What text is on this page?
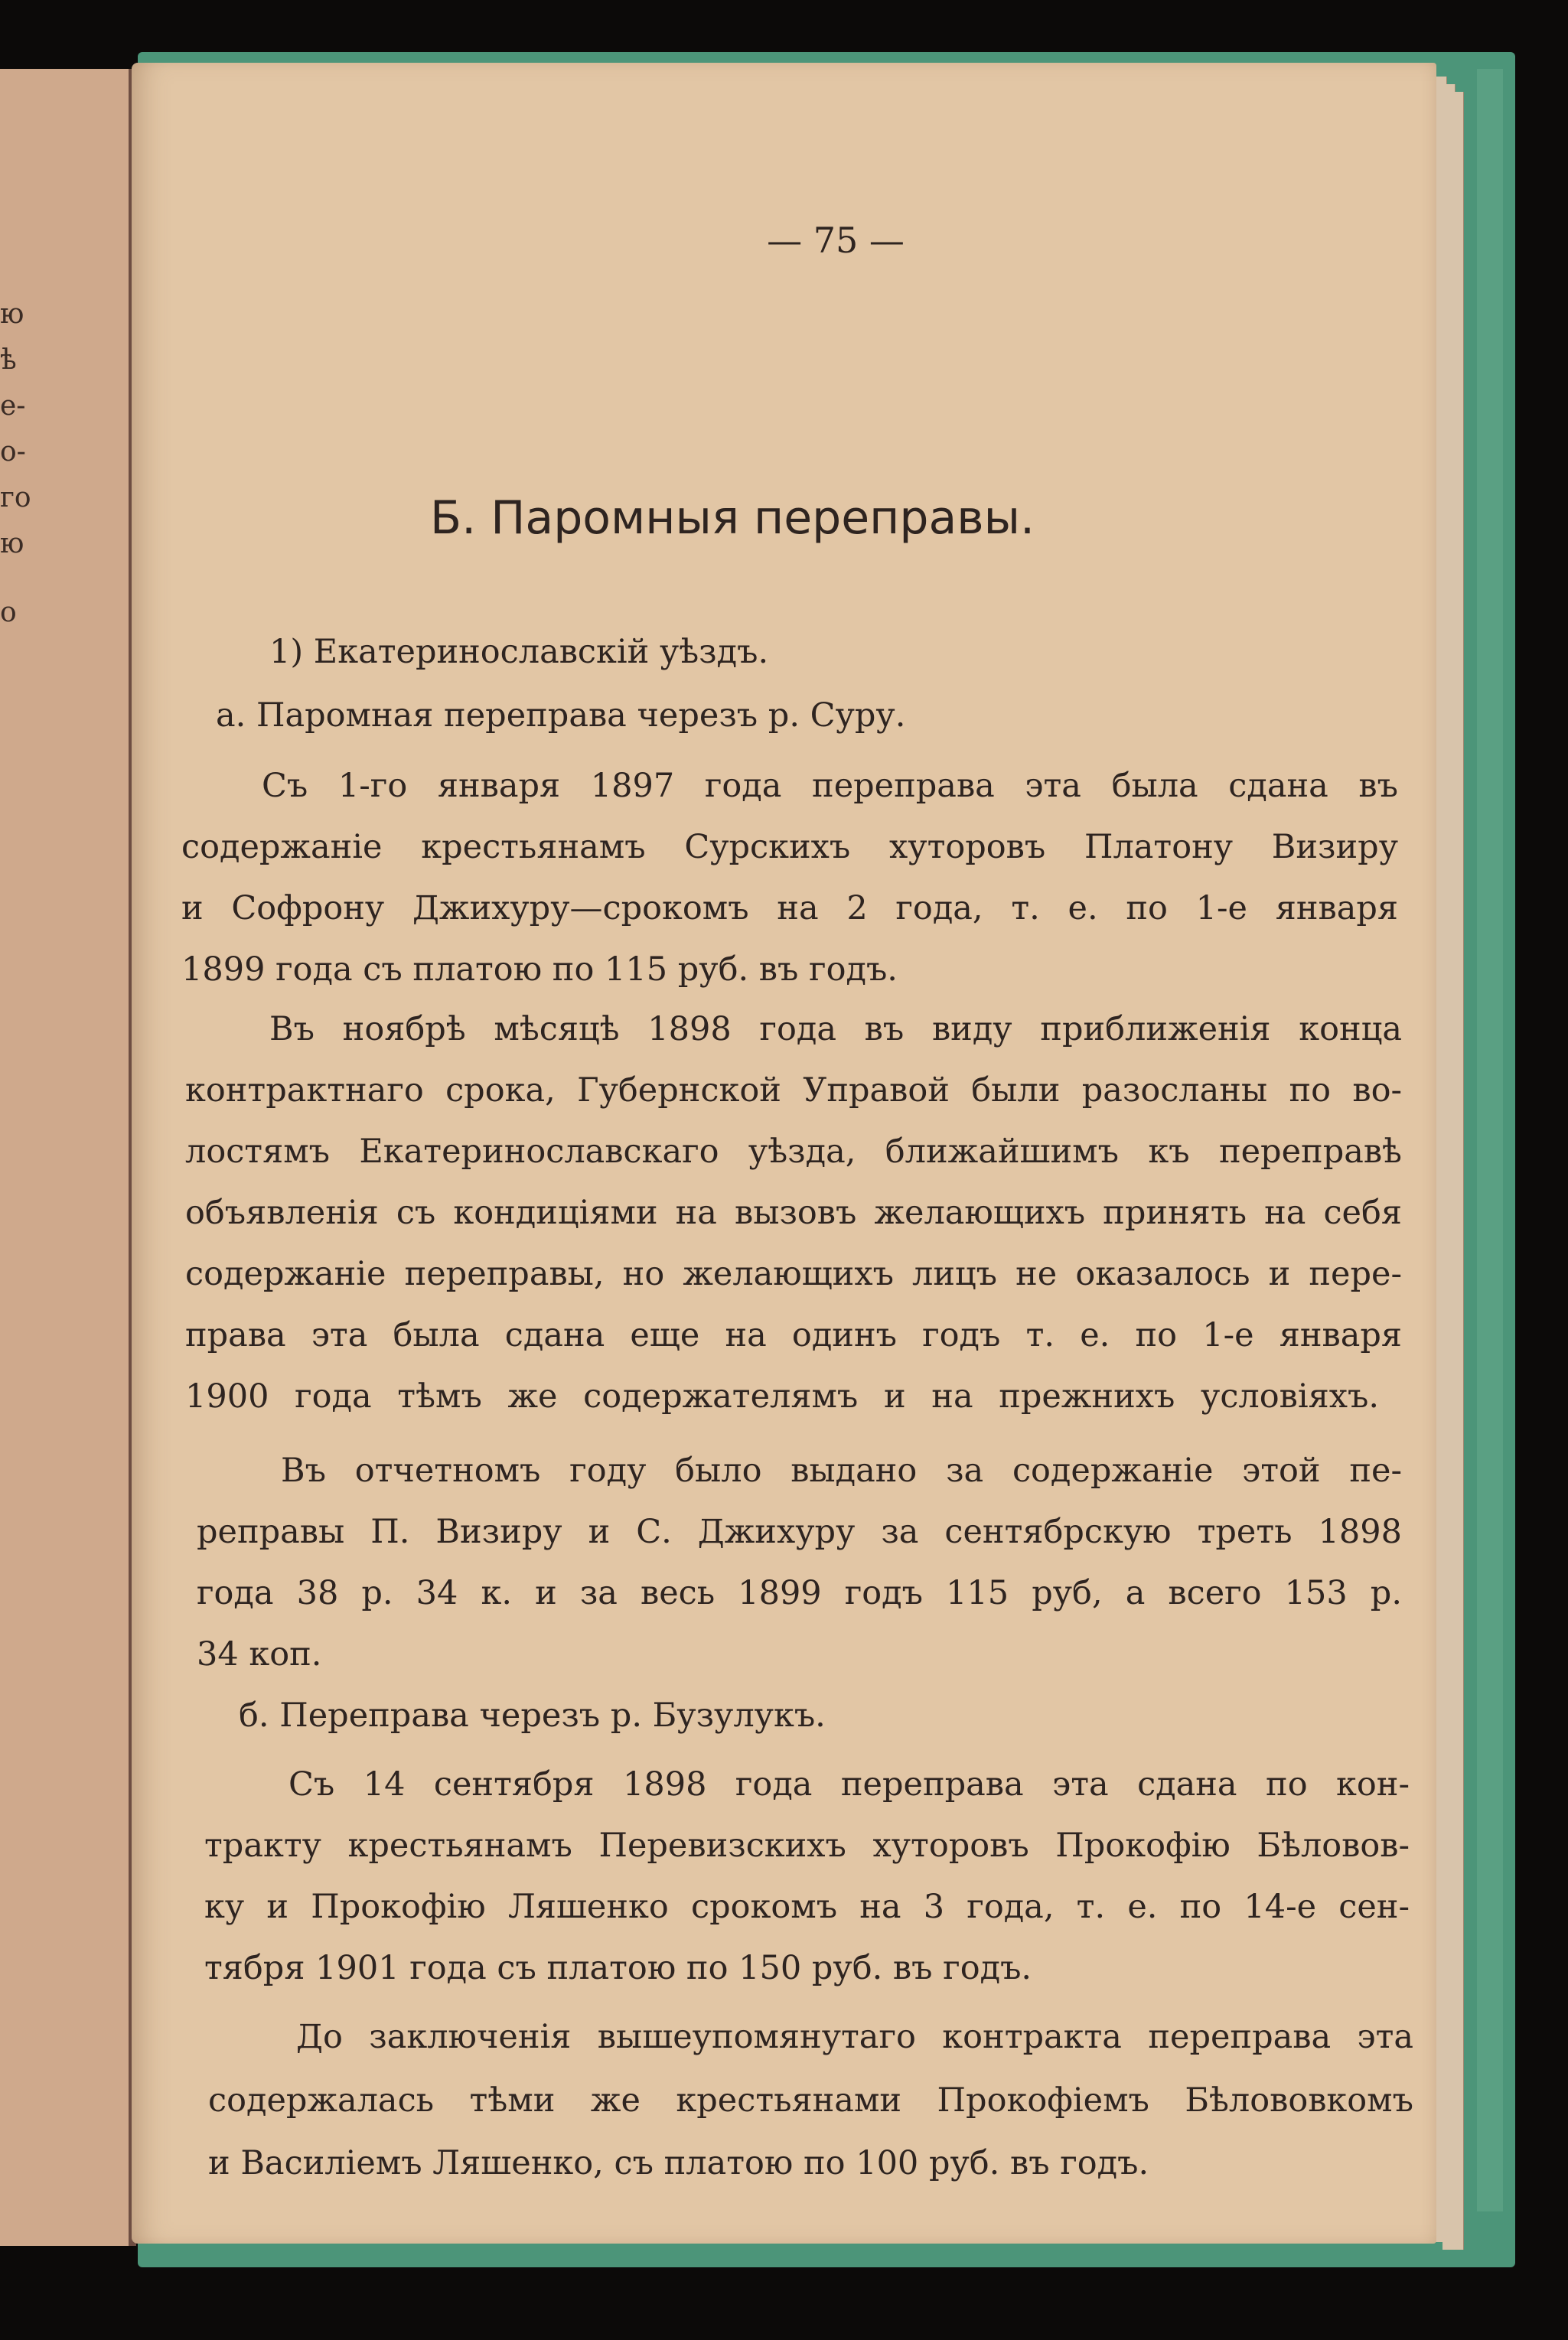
ю
ѣ
е-
о-
го
ю
о
— 75 —
Б. Паромныя переправы.
1) Екатеринославскій уѣздъ.
а. Паромная переправа черезъ р. Суру.
Съ 1-го января 1897 года переправа эта была сдана въ
содержаніе крестьянамъ Сурскихъ хуторовъ Платону Визиру
и Софрону Джихуру—срокомъ на 2 года, т. е. по 1-е января
1899 года съ платою по 115 руб. въ годъ.
Въ ноябрѣ мѣсяцѣ 1898 года въ виду приближенія конца
контрактнаго срока, Губернской Управой были разосланы по во-
лостямъ Екатеринославскаго уѣзда, ближайшимъ къ переправѣ
объявленія съ кондиціями на вызовъ желающихъ принять на себя
содержаніе переправы, но желающихъ лицъ не оказалось и пере-
права эта была сдана еще на одинъ годъ т. е. по 1-е января
1900 года тѣмъ же содержателямъ и на прежнихъ условіяхъ.
Въ отчетномъ году было выдано за содержаніе этой пе-
реправы П. Визиру и С. Джихуру за сентябрскую треть 1898
года 38 р. 34 к. и за весь 1899 годъ 115 руб, а всего 153 р.
34 коп.
б. Переправа черезъ р. Бузулукъ.
Съ 14 сентября 1898 года переправа эта сдана по кон-
тракту крестьянамъ Перевизскихъ хуторовъ Прокофію Бѣловов-
ку и Прокофію Ляшенко срокомъ на 3 года, т. е. по 14-е сен-
тября 1901 года съ платою по 150 руб. въ годъ.
До заключенія вышеупомянутаго контракта переправа эта
содержалась тѣми же крестьянами Прокофіемъ Бѣлововкомъ
и Василіемъ Ляшенко, съ платою по 100 руб. въ годъ.
